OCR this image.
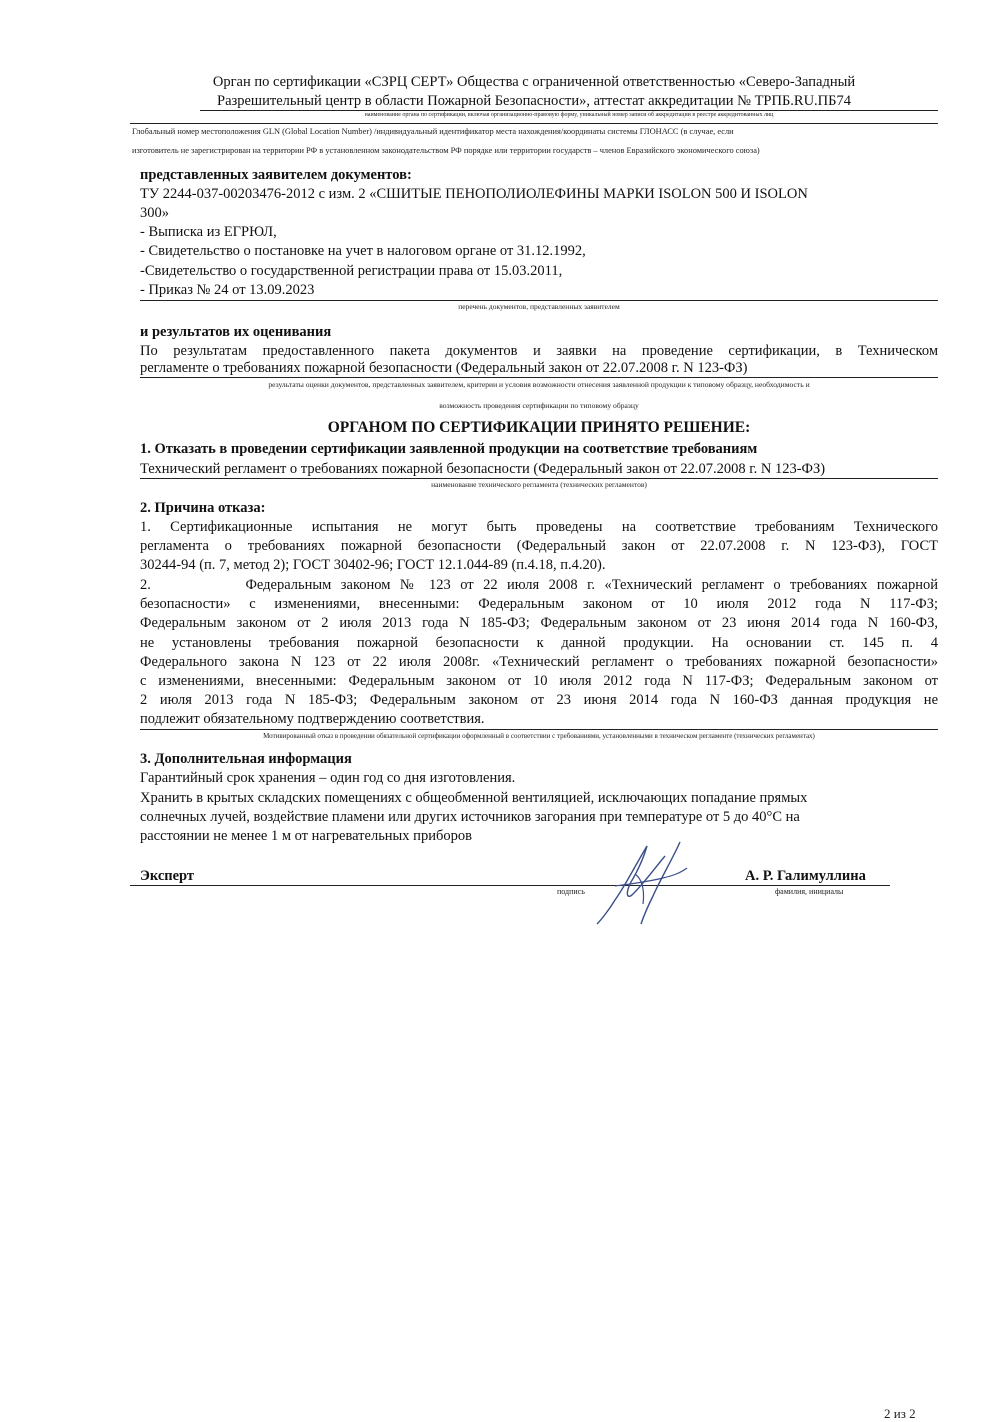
Орган по сертификации «СЗРЦ СЕРТ» Общества с ограниченной ответственностью «Северо-Западный
Разрешительный центр в области Пожарной Безопасности», аттестат аккредитации № ТРПБ.RU.ПБ74
наименование органа по сертификации, включая организационно-правовую форму, уникальный номер записи об аккредитации в реестре аккредитованных лиц
Глобальный номер местоположения GLN (Global Location Number) /индивидуальный идентификатор места нахождения/координаты системы ГЛОНАСС (в случае, если
изготовитель не зарегистрирован на территории РФ в установленном законодательством РФ порядке или территории государств – членов Евразийского экономического союза)
представленных заявителем документов:
ТУ 2244-037-00203476-2012 с изм. 2 «СШИТЫЕ ПЕНОПОЛИОЛЕФИНЫ МАРКИ ISOLON 500 И ISOLON
300»
- Выписка из ЕГРЮЛ,
- Свидетельство о постановке на учет в налоговом органе от 31.12.1992,
-Свидетельство о государственной регистрации права от 15.03.2011,
- Приказ № 24 от 13.09.2023
перечень документов, представленных заявителем
и результатов их оценивания
По результатам предоставленного пакета документов и заявки на проведение сертификации, в Техническом
регламенте о требованиях пожарной безопасности (Федеральный закон от 22.07.2008 г. N 123-ФЗ)
результаты оценки документов, представленных заявителем, критерии и условия возможности отнесения заявленной продукции к типовому образцу, необходимость и
возможность проведения сертификации по типовому образцу
ОРГАНОМ ПО СЕРТИФИКАЦИИ ПРИНЯТО РЕШЕНИЕ:
1. Отказать в проведении сертификации заявленной продукции на соответствие требованиям
Технический регламент о требованиях пожарной безопасности (Федеральный закон от 22.07.2008 г. N 123-ФЗ)
наименование технического регламента (технических регламентов)
2. Причина отказа:
1. Сертификационные испытания не могут быть проведены на соответствие требованиям Технического
регламента о требованиях пожарной безопасности (Федеральный закон от 22.07.2008 г. N 123-ФЗ), ГОСТ
30244-94 (п. 7, метод 2); ГОСТ 30402-96; ГОСТ 12.1.044-89 (п.4.18, п.4.20).
2.          Федеральным законом № 123 от 22 июля 2008 г. «Технический регламент о требованиях пожарной
безопасности» с изменениями, внесенными: Федеральным законом от 10 июля 2012 года N 117-ФЗ;
Федеральным законом от 2 июля 2013 года N 185-ФЗ; Федеральным законом от 23 июня 2014 года N 160-ФЗ,
не установлены требования пожарной безопасности к данной продукции. На основании ст. 145 п. 4
Федерального закона N 123 от 22 июля 2008г. «Технический регламент о требованиях пожарной безопасности»
с изменениями, внесенными: Федеральным законом от 10 июля 2012 года N 117-ФЗ; Федеральным законом от
2 июля 2013 года N 185-ФЗ; Федеральным законом от 23 июня 2014 года N 160-ФЗ данная продукция не
подлежит обязательному подтверждению соответствия.
Мотивированный отказ в проведении обязательной сертификации оформленный в соответствии с требованиями, установленными в техническом регламенте (технических регламентах)
3. Дополнительная информация
Гарантийный срок хранения – один год со дня изготовления.
Хранить в крытых складских помещениях с общеобменной вентиляцией, исключающих попадание прямых
солнечных лучей, воздействие пламени или других источников загорания при температуре от 5 до 40°С на
расстоянии не менее 1 м от нагревательных приборов
Эксперт
подпись
А. Р. Галимуллина
фамилия, инициалы
2 из 2
